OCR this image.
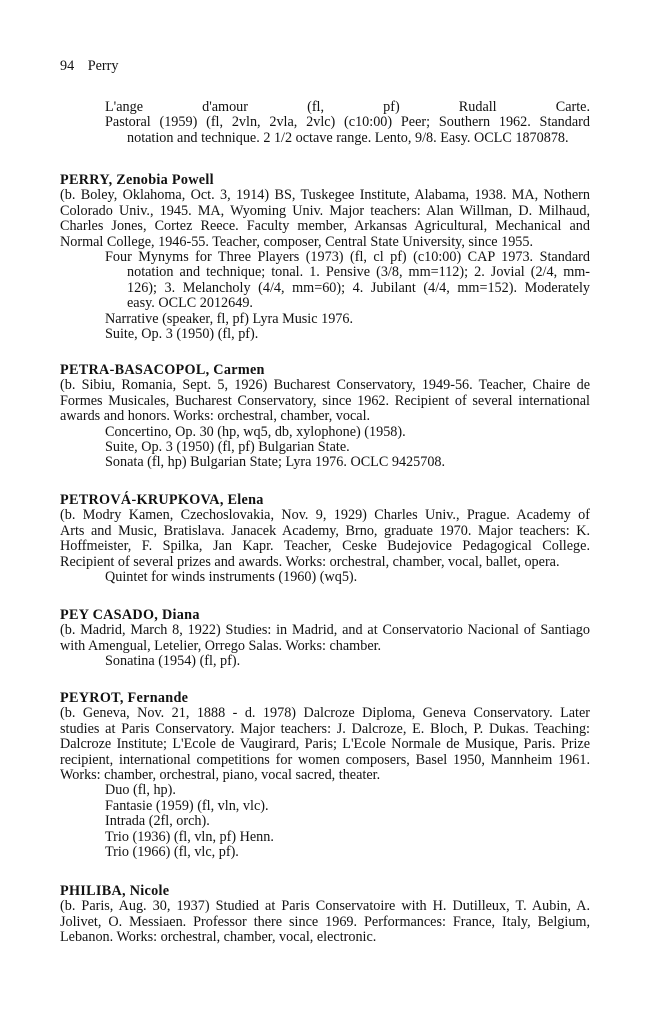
94 Perry
L'ange d'amour (fl, pf) Rudall Carte.
Pastoral (1959) (fl, 2vln, 2vla, 2vlc) (c10:00) Peer; Southern 1962. Standard
notation and technique. 2 1/2 octave range. Lento, 9/8. Easy. OCLC 1870878.
PERRY, Zenobia Powell
(b. Boley, Oklahoma, Oct. 3, 1914) BS, Tuskegee Institute, Alabama, 1938. MA, Nothern
Colorado Univ., 1945. MA, Wyoming Univ. Major teachers: Alan Willman, D. Milhaud,
Charles Jones, Cortez Reece. Faculty member, Arkansas Agricultural, Mechanical and
Normal College, 1946-55. Teacher, composer, Central State University, since 1955.
Four Mynyms for Three Players (1973) (fl, cl pf) (c10:00) CAP 1973. Standard
notation and technique; tonal. 1. Pensive (3/8, mm=112); 2. Jovial (2/4, mm-
126); 3. Melancholy (4/4, mm=60); 4. Jubilant (4/4, mm=152). Moderately
easy. OCLC 2012649.
Narrative (speaker, fl, pf) Lyra Music 1976.
Suite, Op. 3 (1950) (fl, pf).
PETRA-BASACOPOL, Carmen
(b. Sibiu, Romania, Sept. 5, 1926) Bucharest Conservatory, 1949-56. Teacher, Chaire de
Formes Musicales, Bucharest Conservatory, since 1962. Recipient of several international
awards and honors. Works: orchestral, chamber, vocal.
Concertino, Op. 30 (hp, wq5, db, xylophone) (1958).
Suite, Op. 3 (1950) (fl, pf) Bulgarian State.
Sonata (fl, hp) Bulgarian State; Lyra 1976. OCLC 9425708.
PETROVÁ-KRUPKOVA, Elena
(b. Modry Kamen, Czechoslovakia, Nov. 9, 1929) Charles Univ., Prague. Academy of
Arts and Music, Bratislava. Janacek Academy, Brno, graduate 1970. Major teachers: K.
Hoffmeister, F. Spilka, Jan Kapr. Teacher, Ceske Budejovice Pedagogical College.
Recipient of several prizes and awards. Works: orchestral, chamber, vocal, ballet, opera.
Quintet for winds instruments (1960) (wq5).
PEY CASADO, Diana
(b. Madrid, March 8, 1922) Studies: in Madrid, and at Conservatorio Nacional of Santiago
with Amengual, Letelier, Orrego Salas. Works: chamber.
Sonatina (1954) (fl, pf).
PEYROT, Fernande
(b. Geneva, Nov. 21, 1888 - d. 1978) Dalcroze Diploma, Geneva Conservatory. Later
studies at Paris Conservatory. Major teachers: J. Dalcroze, E. Bloch, P. Dukas. Teaching:
Dalcroze Institute; L'Ecole de Vaugirard, Paris; L'Ecole Normale de Musique, Paris. Prize
recipient, international competitions for women composers, Basel 1950, Mannheim 1961.
Works: chamber, orchestral, piano, vocal sacred, theater.
Duo (fl, hp).
Fantasie (1959) (fl, vln, vlc).
Intrada (2fl, orch).
Trio (1936) (fl, vln, pf) Henn.
Trio (1966) (fl, vlc, pf).
PHILIBA, Nicole
(b. Paris, Aug. 30, 1937) Studied at Paris Conservatoire with H. Dutilleux, T. Aubin, A.
Jolivet, O. Messiaen. Professor there since 1969. Performances: France, Italy, Belgium,
Lebanon. Works: orchestral, chamber, vocal, electronic.
